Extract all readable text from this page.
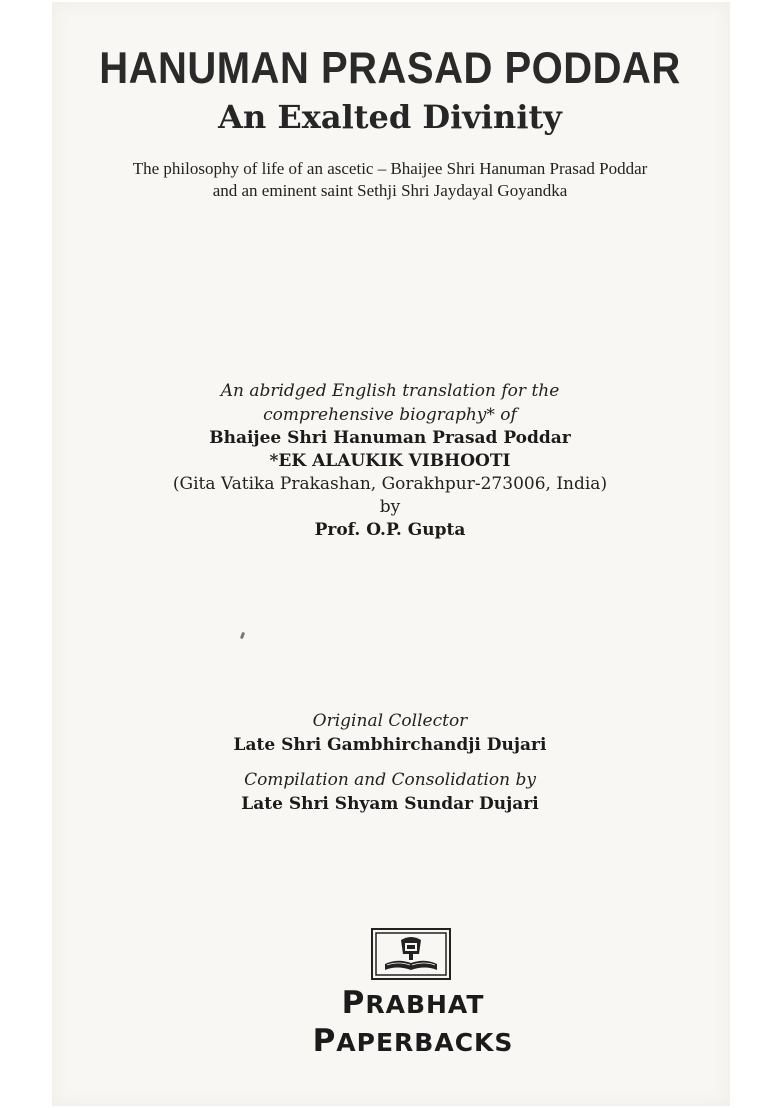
HANUMAN PRASAD PODDAR
An Exalted Divinity
The philosophy of life of an ascetic – Bhaijee Shri Hanuman Prasad Poddar
and an eminent saint Sethji Shri Jaydayal Goyandka
An abridged English translation for the
comprehensive biography* of
Bhaijee Shri Hanuman Prasad Poddar
*EK ALAUKIK VIBHOOTI
(Gita Vatika Prakashan, Gorakhpur-273006, India)
by
Prof. O.P. Gupta
Original Collector
Late Shri Gambhirchandji Dujari
Compilation and Consolidation by
Late Shri Shyam Sundar Dujari
PRABHAT
PAPERBACKS
